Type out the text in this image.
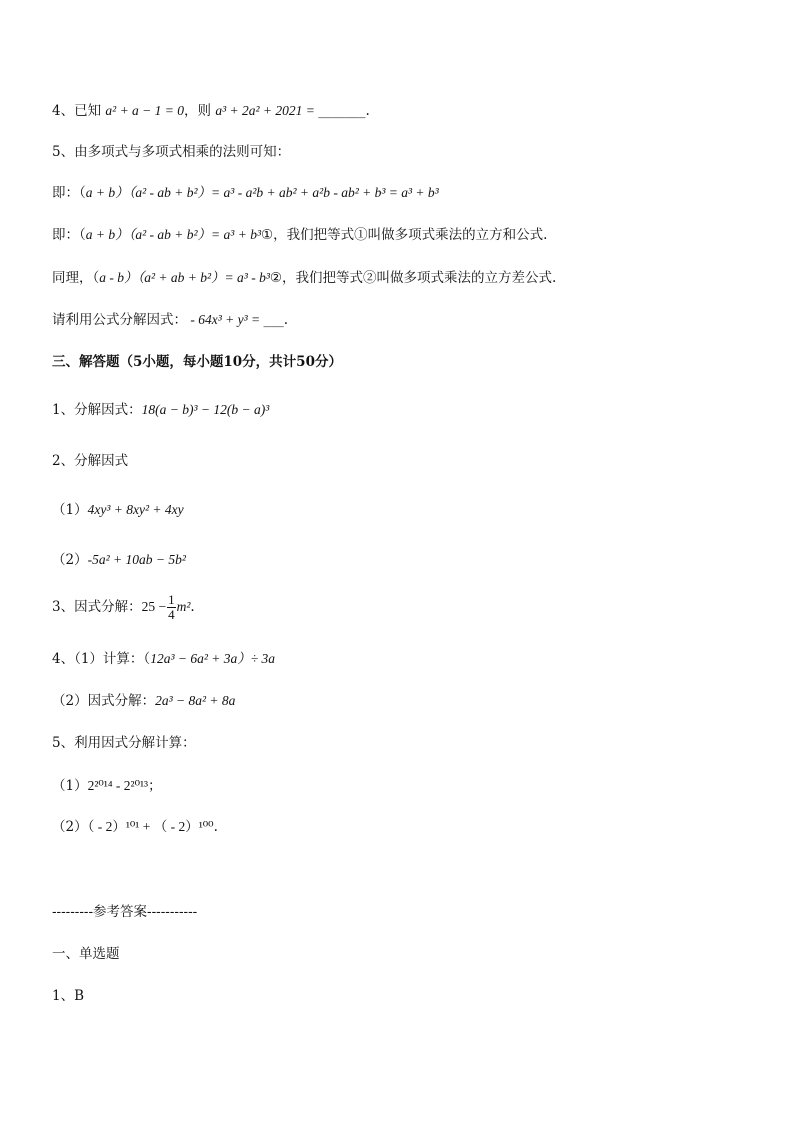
4、已知 a² + a − 1 = 0，则 a³ + 2a² + 2021 = _______.
5、由多项式与多项式相乘的法则可知：
即：（a + b）（a² - ab + b²）= a³ - a²b + ab² + a²b - ab² + b³ = a³ + b³
即：（a + b）（a² - ab + b²）= a³ + b³①，我们把等式①叫做多项式乘法的立方和公式.
同理，（a - b）（a² + ab + b²）= a³ - b³②，我们把等式②叫做多项式乘法的立方差公式.
请利用公式分解因式： - 64x³ + y³ = ___.
三、解答题（5小题，每小题10分，共计50分）
1、分解因式：18(a − b)³ − 12(b − a)³
2、分解因式
（1）4xy³ + 8xy² + 4xy
（2）-5a² + 10ab − 5b²
3、因式分解：$25 - \frac{1}{4} m^2$.
4、（1）计算：（12a³ − 6a² + 3a）÷ 3a
（2）因式分解：2a³ − 8a² + 8a
5、利用因式分解计算：
（1）2²⁰¹⁴ - 2²⁰¹³；
（2）（ - 2）¹⁰¹ + （ - 2）¹⁰⁰.
---------参考答案-----------
一、单选题
1、B
